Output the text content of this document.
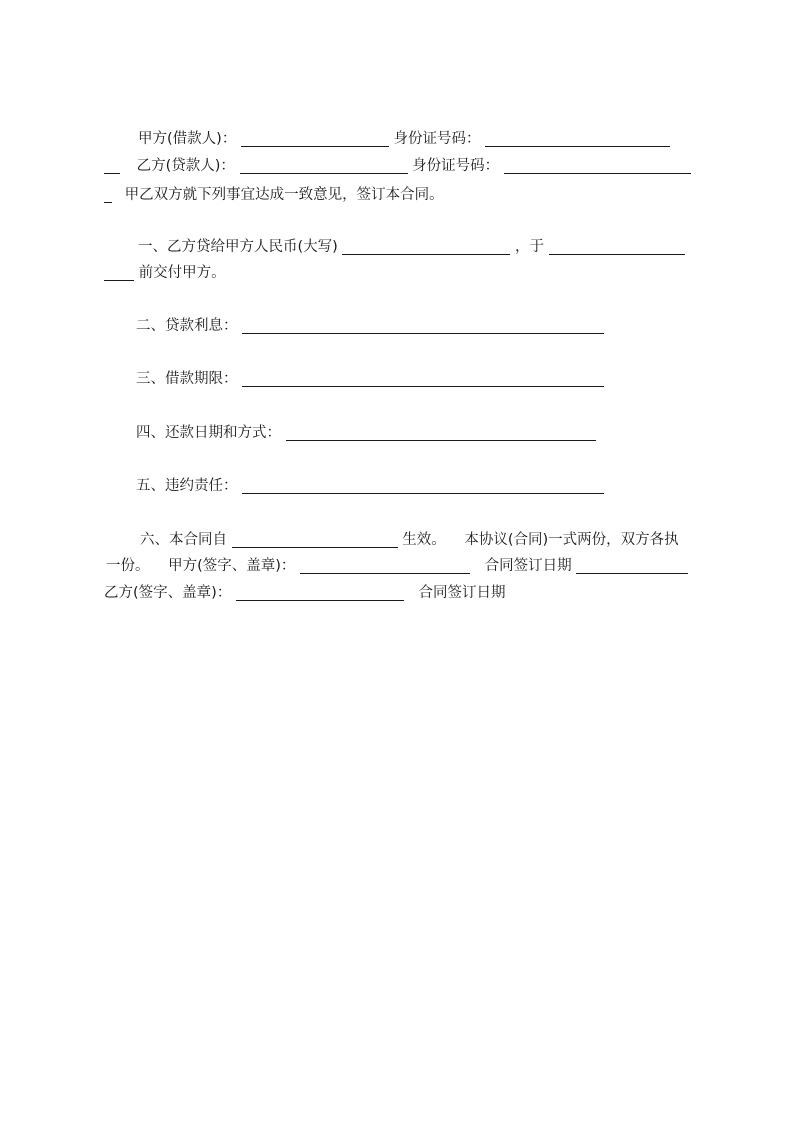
甲方(借款人)：	身份证号码：
乙方(贷款人)：	身份证号码：
甲乙双方就下列事宜达成一致意见，签订本合同。
一、乙方贷给甲方人民币(大写)	，于
前交付甲方。
二、贷款利息：
三、借款期限：
四、还款日期和方式：
五、违约责任：
六、本合同自	生效。 本协议(合同)一式两份，双方各执
一份。 甲方(签字、盖章)：	合同签订日期
乙方(签字、盖章)：	合同签订日期
